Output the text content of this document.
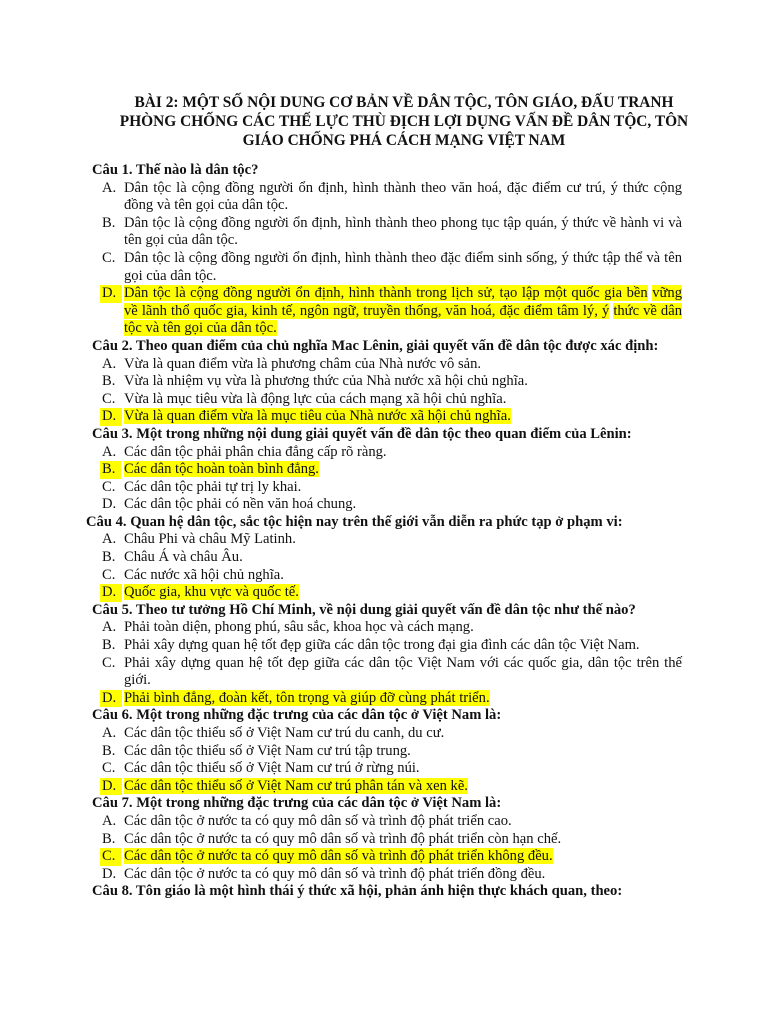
BÀI 2: MỘT SỐ NỘI DUNG CƠ BẢN VỀ DÂN TỘC, TÔN GIÁO, ĐẤU TRANH
PHÒNG CHỐNG CÁC THẾ LỰC THÙ ĐỊCH LỢI DỤNG VẤN ĐỀ DÂN TỘC, TÔN
GIÁO CHỐNG PHÁ CÁCH MẠNG VIỆT NAM
Câu 1. Thế nào là dân tộc?
A. Dân tộc là cộng đồng người ổn định, hình thành theo văn hoá, đặc điểm cư trú, ý thức cộng đồng và tên gọi của dân tộc.
B. Dân tộc là cộng đồng người ổn định, hình thành theo phong tục tập quán, ý thức về hành vi và tên gọi của dân tộc.
C. Dân tộc là cộng đồng người ổn định, hình thành theo đặc điểm sinh sống, ý thức tập thể và tên gọi của dân tộc.
D. Dân tộc là cộng đồng người ổn định, hình thành trong lịch sử, tạo lập một quốc gia bền vững về lãnh thổ quốc gia, kinh tế, ngôn ngữ, truyền thống, văn hoá, đặc điểm tâm lý, ý thức về dân tộc và tên gọi của dân tộc.
Câu 2. Theo quan điểm của chủ nghĩa Mac Lênin, giải quyết vấn đề dân tộc được xác định:
A. Vừa là quan điểm vừa là phương châm của Nhà nước vô sản.
B. Vừa là nhiệm vụ vừa là phương thức của Nhà nước xã hội chủ nghĩa.
C. Vừa là mục tiêu vừa là động lực của cách mạng xã hội chủ nghĩa.
D. Vừa là quan điểm vừa là mục tiêu của Nhà nước xã hội chủ nghĩa.
Câu 3. Một trong những nội dung giải quyết vấn đề dân tộc theo quan điểm của Lênin:
A. Các dân tộc phải phân chia đẳng cấp rõ ràng.
B. Các dân tộc hoàn toàn bình đẳng.
C. Các dân tộc phải tự trị ly khai.
D. Các dân tộc phải có nền văn hoá chung.
Câu 4. Quan hệ dân tộc, sắc tộc hiện nay trên thế giới vẫn diễn ra phức tạp ở phạm vi:
A. Châu Phi và châu Mỹ Latinh.
B. Châu Á và châu Âu.
C. Các nước xã hội chủ nghĩa.
D. Quốc gia, khu vực và quốc tế.
Câu 5. Theo tư tưởng Hồ Chí Minh, về nội dung giải quyết vấn đề dân tộc như thế nào?
A. Phải toàn diện, phong phú, sâu sắc, khoa học và cách mạng.
B. Phải xây dựng quan hệ tốt đẹp giữa các dân tộc trong đại gia đình các dân tộc Việt Nam.
C. Phải xây dựng quan hệ tốt đẹp giữa các dân tộc Việt Nam với các quốc gia, dân tộc trên thế giới.
D. Phải bình đẳng, đoàn kết, tôn trọng và giúp đỡ cùng phát triển.
Câu 6. Một trong những đặc trưng của các dân tộc ở Việt Nam là:
A. Các dân tộc thiểu số ở Việt Nam cư trú du canh, du cư.
B. Các dân tộc thiểu số ở Việt Nam cư trú tập trung.
C. Các dân tộc thiểu số ở Việt Nam cư trú ở rừng núi.
D. Các dân tộc thiểu số ở Việt Nam cư trú phân tán và xen kẽ.
Câu 7. Một trong những đặc trưng của các dân tộc ở Việt Nam là:
A. Các dân tộc ở nước ta có quy mô dân số và trình độ phát triển cao.
B. Các dân tộc ở nước ta có quy mô dân số và trình độ phát triển còn hạn chế.
C. Các dân tộc ở nước ta có quy mô dân số và trình độ phát triển không đều.
D. Các dân tộc ở nước ta có quy mô dân số và trình độ phát triển đồng đều.
Câu 8. Tôn giáo là một hình thái ý thức xã hội, phản ánh hiện thực khách quan, theo:
